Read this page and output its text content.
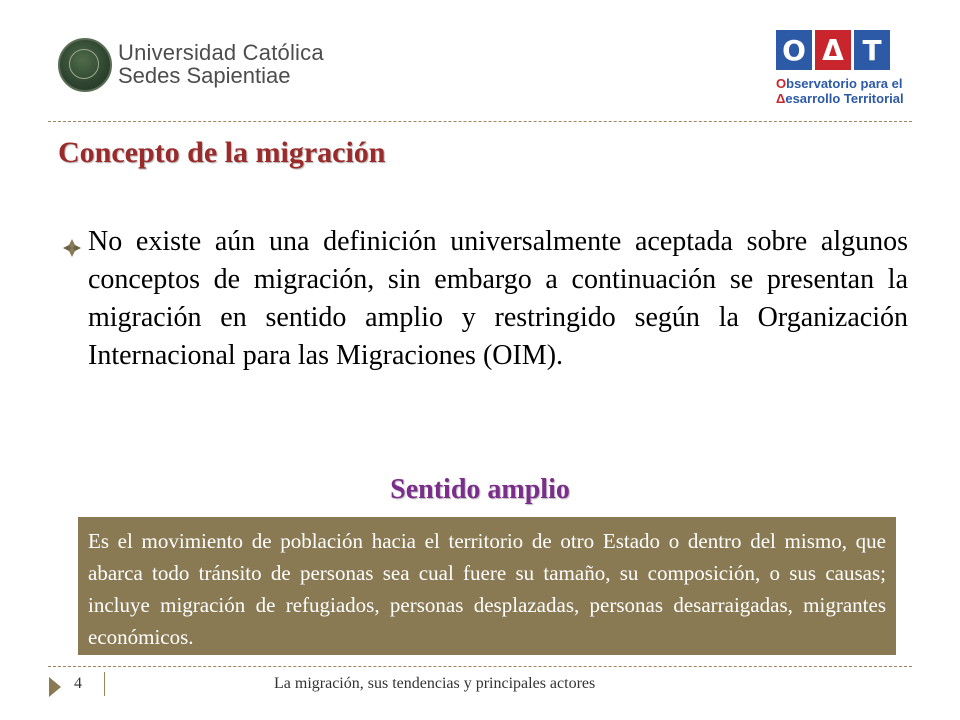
Universidad Católica
Sedes Sapientiae
O Δ T
Observatorio para el
Δesarrollo Territorial
Concepto de la migración
No existe aún una definición universalmente aceptada sobre algunos conceptos de migración, sin embargo a continuación se presentan la migración en sentido amplio y restringido según la Organización Internacional para las Migraciones (OIM).
Sentido amplio
Es el movimiento de población hacia el territorio de otro Estado o dentro del mismo, que abarca todo tránsito de personas sea cual fuere su tamaño, su composición, o sus causas; incluye migración de refugiados, personas desplazadas, personas desarraigadas, migrantes económicos.
4	La migración, sus tendencias y principales actores
